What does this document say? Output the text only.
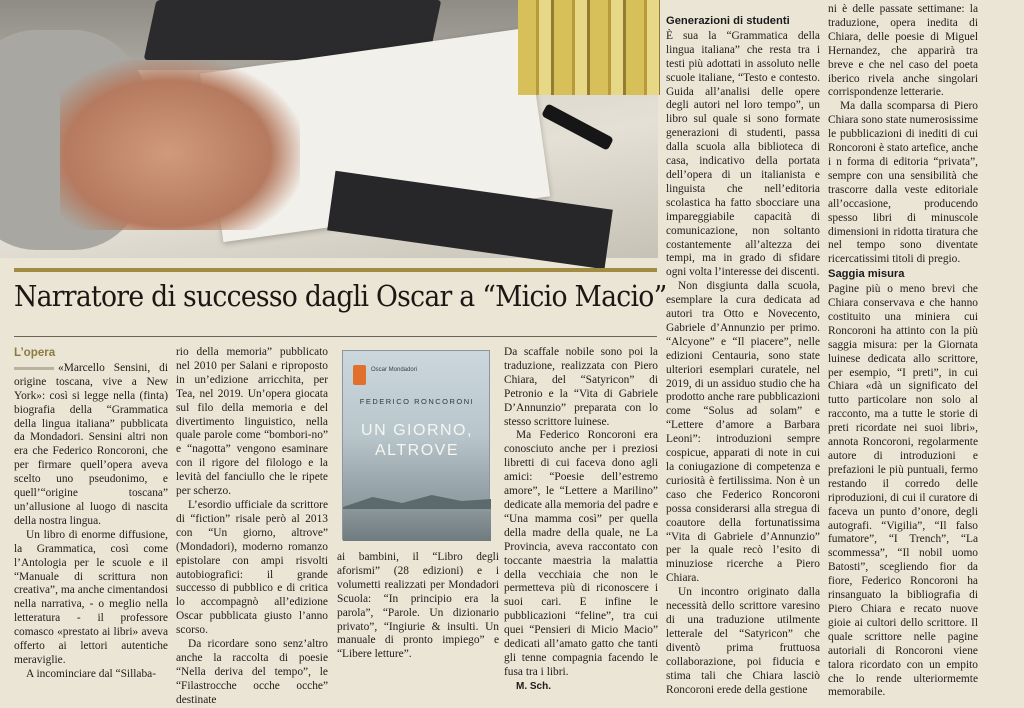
Narratore di successo dagli Oscar a “Micio Macio”
L’opera

«Marcello Sensini, di origine toscana, vive a New York»: così si legge nella (finta) biografia della “Grammatica della lingua italiana” pubblicata da Mondadori. Sensini altri non era che Federico Roncoroni, che per firmare quell’opera aveva scelto uno pseudonimo, e quell’“origine toscana” un’allusione al luogo di nascita della nostra lingua.

Un libro di enorme diffusione, la Grammatica, così come l’Antologia per le scuole e il “Manuale di scrittura non creativa”, ma anche cimentandosi nella narrativa, - o meglio nella letteratura - il professore comasco «prestato ai libri» aveva offerto ai lettori autentiche meraviglie.

A incominciare dal “Sillaba-

rio della memoria” pubblicato nel 2010 per Salani e riproposto in un’edizione arricchita, per Tea, nel 2019. Un’opera giocata sul filo della memoria e del divertimento linguistico, nella quale parole come “bombori-no” e “nagotta” vengono esaminare con il rigore del filologo e la levità del fanciullo che le ripete per scherzo.

L’esordio ufficiale da scrittore di “fiction” risale però al 2013 con “Un giorno, altrove” (Mondadori), moderno romanzo epistolare con ampi risvolti autobiografici: il grande successo di pubblico e di critica lo accompagnò all’edizione Oscar pubblicata giusto l’anno scorso.

Da ricordare sono senz’altro anche la raccolta di poesie “Nella deriva del tempo”, le “Filastrocche ocche ocche” destinate

Oscar Mondadori
FEDERICO RONCORONI
UN GIORNO,
ALTROVE

ai bambini, il “Libro degli aforismi” (28 edizioni) e i volumetti realizzati per Mondadori Scuola: “In principio era la parola”, “Parole. Un dizionario privato”, “Ingiurie & insulti. Un manuale di pronto impiego” e “Libere letture”.

Da scaffale nobile sono poi la traduzione, realizzata con Piero Chiara, del “Satyricon” di Petronio e la “Vita di Gabriele D’Annunzio” preparata con lo stesso scrittore luinese.

Ma Federico Roncoroni era conosciuto anche per i preziosi libretti di cui faceva dono agli amici: “Poesie dell’estremo amore”, le “Lettere a Marilino” dedicate alla memoria del padre e “Una mamma così” per quella della madre della quale, ne La Provincia, aveva raccontato con toccante maestria la malattia della vecchiaia che non le permetteva più di riconoscere i suoi cari. E infine le pubblicazioni “feline”, tra cui quei “Pensieri di Micio Macio” dedicati all’amato gatto che tanti gli tenne compagnia facendo le fusa tra i libri.

M. Sch.

Generazioni di studenti

È sua la “Grammatica della lingua italiana” che resta tra i testi più adottati in assoluto nelle scuole italiane, “Testo e contesto. Guida all’analisi delle opere degli autori nel loro tempo”, un libro sul quale si sono formate generazioni di studenti, passa dalla scuola alla biblioteca di casa, indicativo della portata dell’opera di un italianista e linguista che nell’editoria scolastica ha fatto sbocciare una impareggiabile capacità di comunicazione, non soltanto costantemente all’altezza dei tempi, ma in grado di sfidare ogni volta l’interesse dei discenti.

Non disgiunta dalla scuola, esemplare la cura dedicata ad autori tra Otto e Novecento, Gabriele d’Annunzio per primo. “Alcyone” e “Il piacere”, nelle edizioni Centauria, sono state ulteriori esemplari curatele, nel 2019, di un assiduo studio che ha prodotto anche rare pubblicazioni come “Solus ad solam” e “Lettere d’amore a Barbara Leoni”: introduzioni sempre cospicue, apparati di note in cui la coniugazione di competenza e curiosità è fertilissima. Non è un caso che Federico Roncoroni possa considerarsi alla stregua di coautore della fortunatissima “Vita di Gabriele d’Annunzio” per la quale recò l’esito di minuziose ricerche a Piero Chiara.

Un incontro originato dalla necessità dello scrittore varesino di una traduzione utilmente letterale del “Satyricon” che diventò prima fruttuosa collaborazione, poi fiducia e stima tali che Chiara lasciò Roncoroni erede della gestione

ni è delle passate settimane: la traduzione, opera inedita di Chiara, delle poesie di Miguel Hernandez, che apparirà tra breve e che nel caso del poeta iberico rivela anche singolari corrispondenze letterarie.

Ma dalla scomparsa di Piero Chiara sono state numerosissime le pubblicazioni di inediti di cui Roncoroni è stato artefice, anche i n forma di editoria “privata”, sempre con una sensibilità che trascorre dalla veste editoriale all’occasione, producendo spesso libri di minuscole dimensioni in ridotta tiratura che nel tempo sono diventate ricercatissimi titoli di pregio.

Saggia misura

Pagine più o meno brevi che Chiara conservava e che hanno costituito una miniera cui Roncoroni ha attinto con la più saggia misura: per la Giornata luinese dedicata allo scrittore, per esempio, “I preti”, in cui Chiara «dà un significato del tutto particolare non solo al racconto, ma a tutte le storie di preti ricordate nei suoi libri», annota Roncoroni, regolarmente autore di introduzioni e prefazioni le più puntuali, fermo restando il corredo delle riproduzioni, di cui il curatore di faceva un punto d’onore, degli autografi. “Vigilia”, “Il falso fumatore”, “I Trench”, “La scommessa”, “Il nobil uomo Batosti”, scegliendo fior da fiore, Federico Roncoroni ha rinsanguato la bibliografia di Piero Chiara e recato nuove gioie ai cultori dello scrittore. Il quale scrittore nelle pagine autoriali di Roncoroni viene talora ricordato con un empito che lo rende ulteriormemte memorabile.
